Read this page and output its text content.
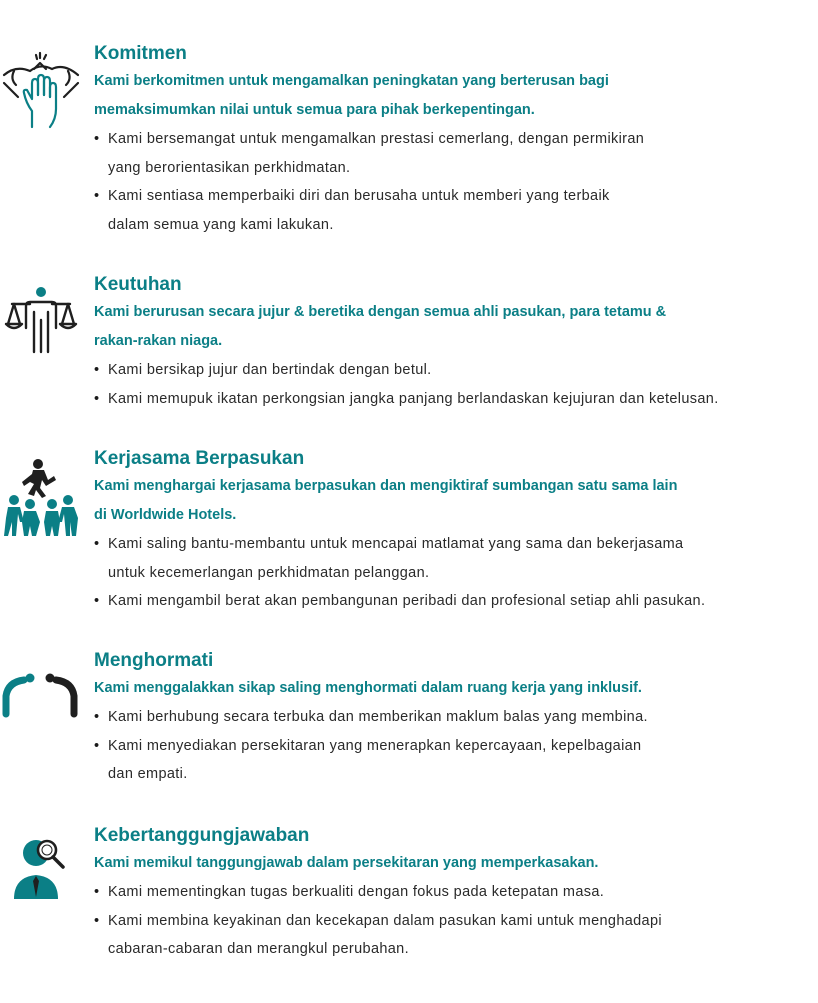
Komitmen

Kami berkomitmen untuk mengamalkan peningkatan yang berterusan bagi
memaksimumkan nilai untuk semua para pihak berkepentingan.

• Kami bersemangat untuk mengamalkan prestasi cemerlang, dengan permikiran
yang berorientasikan perkhidmatan.
• Kami sentiasa memperbaiki diri dan berusaha untuk memberi yang terbaik
dalam semua yang kami lakukan.
Keutuhan

Kami berurusan secara jujur & beretika dengan semua ahli pasukan, para tetamu &
rakan-rakan niaga.

• Kami bersikap jujur dan bertindak dengan betul.
• Kami memupuk ikatan perkongsian jangka panjang berlandaskan kejujuran dan ketelusan.
Kerjasama Berpasukan

Kami menghargai kerjasama berpasukan dan mengiktiraf sumbangan satu sama lain
di Worldwide Hotels.

• Kami saling bantu-membantu untuk mencapai matlamat yang sama dan bekerjasama
untuk kecemerlangan perkhidmatan pelanggan.
• Kami mengambil berat akan pembangunan peribadi dan profesional setiap ahli pasukan.
Menghormati

Kami menggalakkan sikap saling menghormati dalam ruang kerja yang inklusif.

• Kami berhubung secara terbuka dan memberikan maklum balas yang membina.
• Kami menyediakan persekitaran yang menerapkan kepercayaan, kepelbagaian
dan empati.
Kebertanggungjawaban

Kami memikul tanggungjawab dalam persekitaran yang memperkasakan.

• Kami mementingkan tugas berkualiti dengan fokus pada ketepatan masa.
• Kami membina keyakinan dan kecekapan dalam pasukan kami untuk menghadapi
cabaran-cabaran dan merangkul perubahan.
